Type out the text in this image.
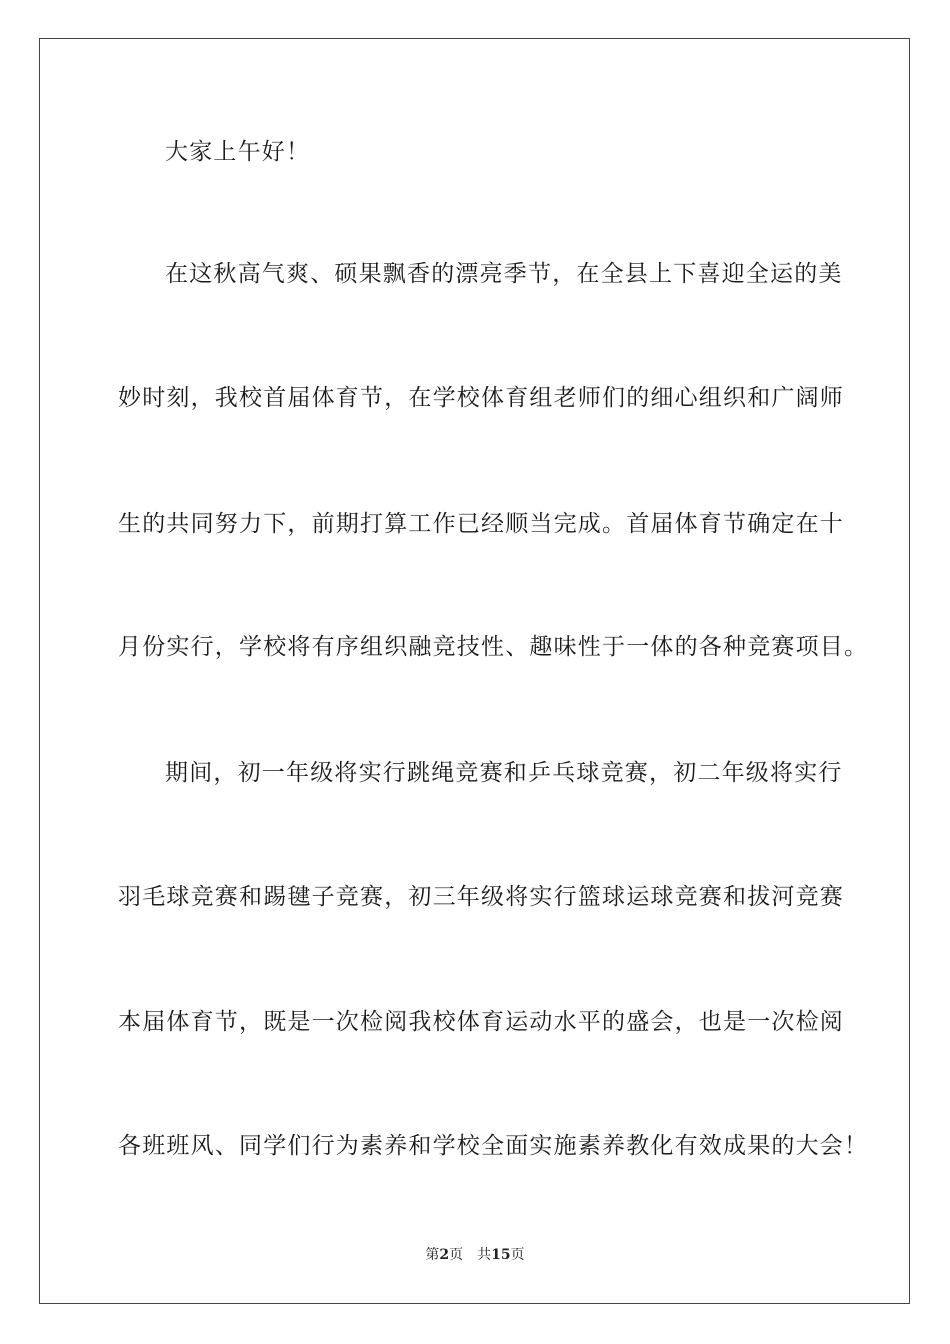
大家上午好！
在这秋高气爽、硕果飘香的漂亮季节，在全县上下喜迎全运的美
妙时刻，我校首届体育节，在学校体育组老师们的细心组织和广阔师
生的共同努力下，前期打算工作已经顺当完成。首届体育节确定在十
月份实行，学校将有序组织融竞技性、趣味性于一体的各种竞赛项目。
期间，初一年级将实行跳绳竞赛和乒乓球竞赛，初二年级将实行
羽毛球竞赛和踢毽子竞赛，初三年级将实行篮球运球竞赛和拔河竞赛
本届体育节，既是一次检阅我校体育运动水平的盛会，也是一次检阅
各班班风、同学们行为素养和学校全面实施素养教化有效成果的大会！
第2页 共15页
